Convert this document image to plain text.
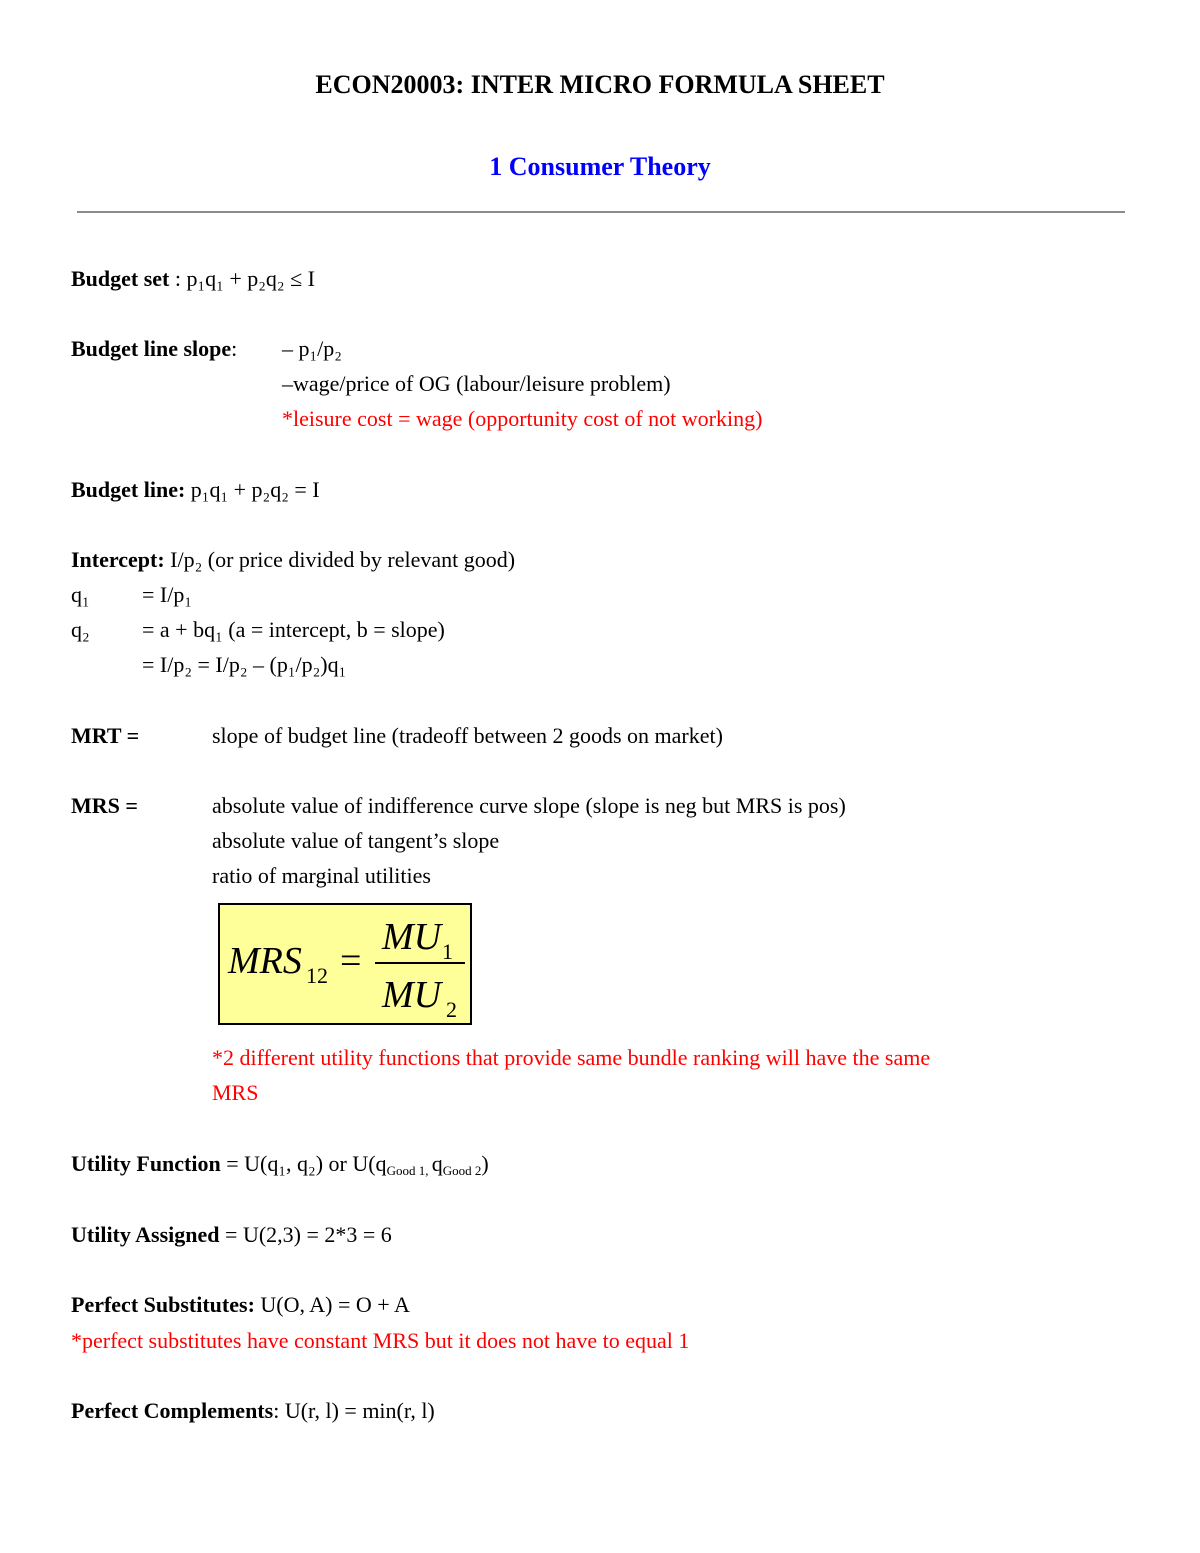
ECON20003: INTER MICRO FORMULA SHEET
1 Consumer Theory
Budget set : p₁q₁ + p₂q₂ ≤ I
Budget line slope: – p₁/p₂
–wage/price of OG (labour/leisure problem)
*leisure cost = wage (opportunity cost of not working)
Budget line: p₁q₁ + p₂q₂ = I
Intercept: I/p₂ (or price divided by relevant good)
q₁ = I/p₁
q₂ = a + bq₁ (a = intercept, b = slope)
= I/p₂ = I/p₂ – (p₁/p₂)q₁
MRT =	slope of budget line (tradeoff between 2 goods on market)
MRS =	absolute value of indifference curve slope (slope is neg but MRS is pos)
absolute value of tangent’s slope
ratio of marginal utilities
MRS 12 =
MU 1
MU 2
*2 different utility functions that provide same bundle ranking will have the same
MRS
Utility Function = U(q₁, q₂) or $U(q_{Good 1,}$ $q_{Good 2}$)
Utility Assigned = U(2,3) = 2*3 = 6
Perfect Substitutes: U(O, A) = O + A
*perfect substitutes have constant MRS but it does not have to equal 1
Perfect Complements: U(r, l) = min(r, l)
